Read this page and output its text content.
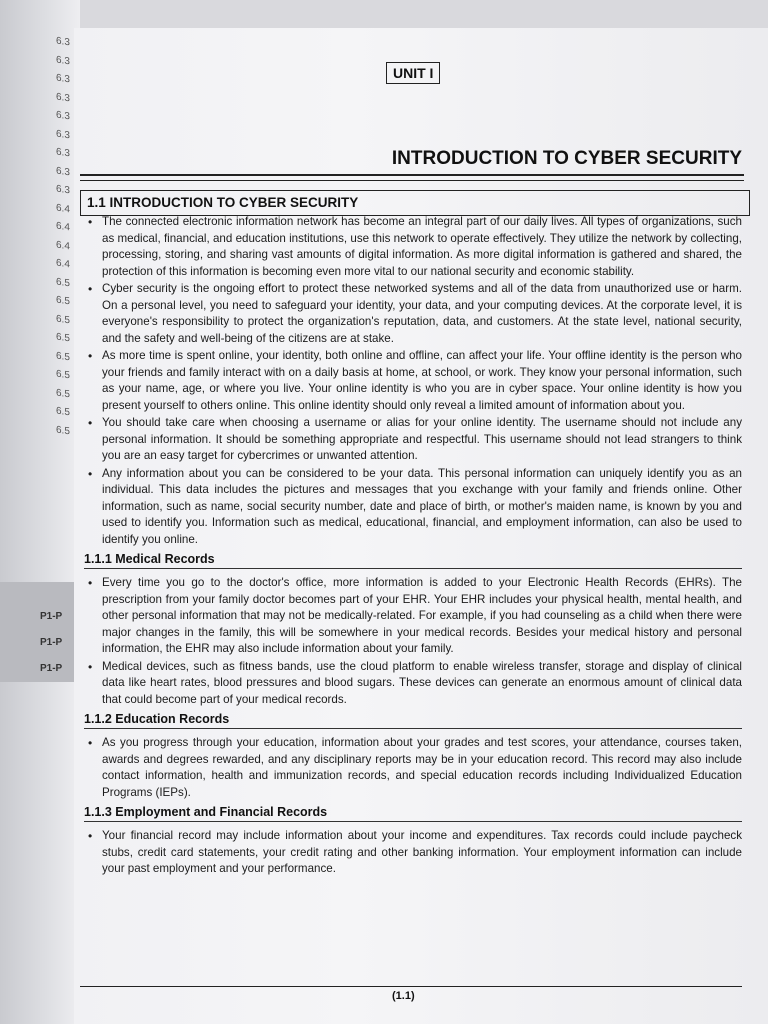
6.3
6.3
6.3
6.3
6.3
6.3
6.3
6.3
6.3
6.4
6.4
6.4
6.4
6.5
6.5
6.5
6.5
6.5
6.5
6.5
6.5
6.5
P1-P
P1-P
P1-P
UNIT I
INTRODUCTION TO CYBER SECURITY
1.1 INTRODUCTION TO CYBER SECURITY
• The connected electronic information network has become an integral part of our daily lives. All types of organizations, such as medical, financial, and education institutions, use this network to operate effectively. They utilize the network by collecting, processing, storing, and sharing vast amounts of digital information. As more digital information is gathered and shared, the protection of this information is becoming even more vital to our national security and economic stability.
• Cyber security is the ongoing effort to protect these networked systems and all of the data from unauthorized use or harm. On a personal level, you need to safeguard your identity, your data, and your computing devices. At the corporate level, it is everyone's responsibility to protect the organization's reputation, data, and customers. At the state level, national security, and the safety and well-being of the citizens are at stake.
• As more time is spent online, your identity, both online and offline, can affect your life. Your offline identity is the person who your friends and family interact with on a daily basis at home, at school, or work. They know your personal information, such as your name, age, or where you live. Your online identity is who you are in cyber space. Your online identity is how you present yourself to others online. This online identity should only reveal a limited amount of information about you.
• You should take care when choosing a username or alias for your online identity. The username should not include any personal information. It should be something appropriate and respectful. This username should not lead strangers to think you are an easy target for cybercrimes or unwanted attention.
• Any information about you can be considered to be your data. This personal information can uniquely identify you as an individual. This data includes the pictures and messages that you exchange with your family and friends online. Other information, such as name, social security number, date and place of birth, or mother's maiden name, is known by you and used to identify you. Information such as medical, educational, financial, and employment information, can also be used to identify you online.
1.1.1 Medical Records
• Every time you go to the doctor's office, more information is added to your Electronic Health Records (EHRs). The prescription from your family doctor becomes part of your EHR. Your EHR includes your physical health, mental health, and other personal information that may not be medically-related. For example, if you had counseling as a child when there were major changes in the family, this will be somewhere in your medical records. Besides your medical history and personal information, the EHR may also include information about your family.
• Medical devices, such as fitness bands, use the cloud platform to enable wireless transfer, storage and display of clinical data like heart rates, blood pressures and blood sugars. These devices can generate an enormous amount of clinical data that could become part of your medical records.
1.1.2 Education Records
• As you progress through your education, information about your grades and test scores, your attendance, courses taken, awards and degrees rewarded, and any disciplinary reports may be in your education record. This record may also include contact information, health and immunization records, and special education records including Individualized Education Programs (IEPs).
1.1.3 Employment and Financial Records
• Your financial record may include information about your income and expenditures. Tax records could include paycheck stubs, credit card statements, your credit rating and other banking information. Your employment information can include your past employment and your performance.
(1.1)
